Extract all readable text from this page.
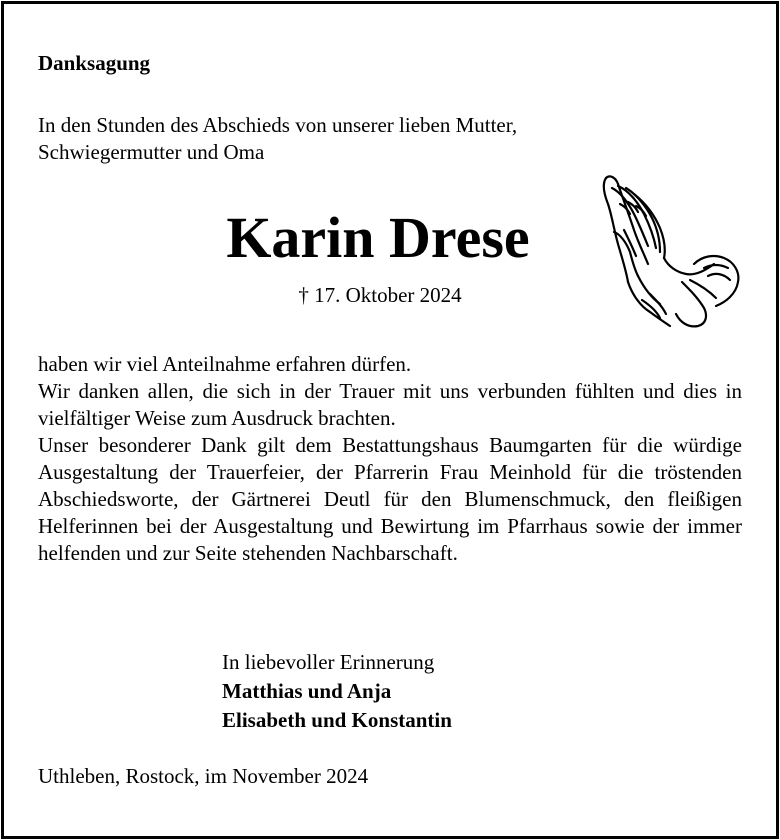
Danksagung
In den Stunden des Abschieds von unserer lieben Mutter,
Schwiegermutter und Oma
Karin Drese
† 17. Oktober 2024

haben wir viel Anteilnahme erfahren dürfen.

Wir danken allen, die sich in der Trauer mit uns verbunden fühlten und dies in vielfältiger Weise zum Ausdruck brachten.

Unser besonderer Dank gilt dem Bestattungshaus Baumgarten für die würdige Ausgestaltung der Trauerfeier, der Pfarrerin Frau Meinhold für die tröstenden Abschiedsworte, der Gärtnerei Deutl für den Blumenschmuck, den fleißigen Helferinnen bei der Ausgestaltung und Bewirtung im Pfarrhaus sowie der immer helfenden und zur Seite stehenden Nachbarschaft.

In liebevoller Erinnerung
Matthias und Anja
Elisabeth und Konstantin
Uthleben, Rostock, im November 2024
